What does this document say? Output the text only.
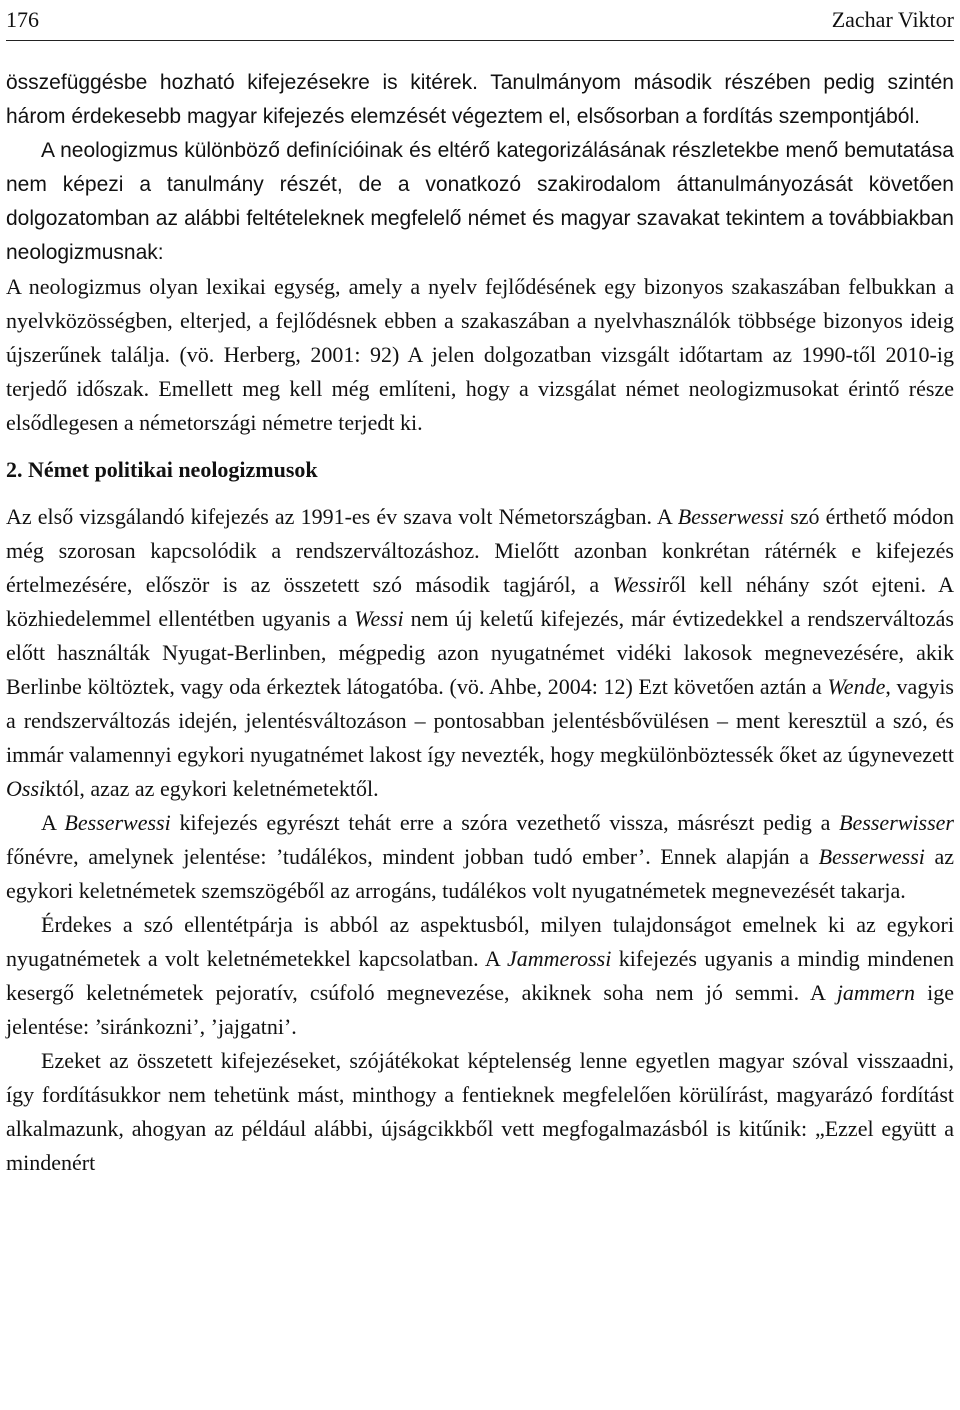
176	Zachar Viktor

összefüggésbe hozható kifejezésekre is kitérek. Tanulmányom második részében pedig szintén három érdekesebb magyar kifejezés elemzését végeztem el, elsősorban a fordítás szempontjából.

A neologizmus különböző definícióinak és eltérő kategorizálásának részletekbe menő bemutatása nem képezi a tanulmány részét, de a vonatkozó szakirodalom áttanulmányozását követően dolgozatomban az alábbi feltételeknek megfelelő német és magyar szavakat tekintem a továbbiakban neologizmusnak:

A neologizmus olyan lexikai egység, amely a nyelv fejlődésének egy bizonyos szakaszában felbukkan a nyelvközösségben, elterjed, a fejlődésnek ebben a szakaszában a nyelvhasználók többsége bizonyos ideig újszerűnek találja. (vö. Herberg, 2001: 92) A jelen dolgozatban vizsgált időtartam az 1990-től 2010-ig terjedő időszak. Emellett meg kell még említeni, hogy a vizsgálat német neologizmusokat érintő része elsődlegesen a németországi németre terjedt ki.

2. Német politikai neologizmusok

Az első vizsgálandó kifejezés az 1991-es év szava volt Németországban. A Besserwessi szó érthető módon még szorosan kapcsolódik a rendszerváltozáshoz. Mielőtt azonban konkrétan rátérnék e kifejezés értelmezésére, először is az összetett szó második tagjáról, a Wessiről kell néhány szót ejteni. A közhiedelemmel ellentétben ugyanis a Wessi nem új keletű kifejezés, már évtizedekkel a rendszerváltozás előtt használták Nyugat-Berlinben, mégpedig azon nyugatnémet vidéki lakosok megnevezésére, akik Berlinbe költöztek, vagy oda érkeztek látogatóba. (vö. Ahbe, 2004: 12) Ezt követően aztán a Wende, vagyis a rendszerváltozás idején, jelentésváltozáson – pontosabban jelentésbővülésen – ment keresztül a szó, és immár valamennyi egykori nyugatnémet lakost így nevezték, hogy megkülönböztessék őket az úgynevezett Ossiktól, azaz az egykori keletnémetektől.

A Besserwessi kifejezés egyrészt tehát erre a szóra vezethető vissza, másrészt pedig a Besserwisser főnévre, amelynek jelentése: ’tudálékos, mindent jobban tudó ember’. Ennek alapján a Besserwessi az egykori keletnémetek szemszögéből az arrogáns, tudálékos volt nyugatnémetek megnevezését takarja.

Érdekes a szó ellentétpárja is abból az aspektusból, milyen tulajdonságot emelnek ki az egykori nyugatnémetek a volt keletnémetekkel kapcsolatban. A Jammerossi kifejezés ugyanis a mindig mindenen kesergő keletnémetek pejoratív, csúfoló megnevezése, akiknek soha nem jó semmi. A jammern ige jelentése: ’siránkozni’, ’jajgatni’.

Ezeket az összetett kifejezéseket, szójátékokat képtelenség lenne egyetlen magyar szóval visszaadni, így fordításukkor nem tehetünk mást, minthogy a fentieknek megfelelően körülírást, magyarázó fordítást alkalmazunk, ahogyan az például alábbi, újságcikkből vett megfogalmazásból is kitűnik: „Ezzel együtt a mindenért
